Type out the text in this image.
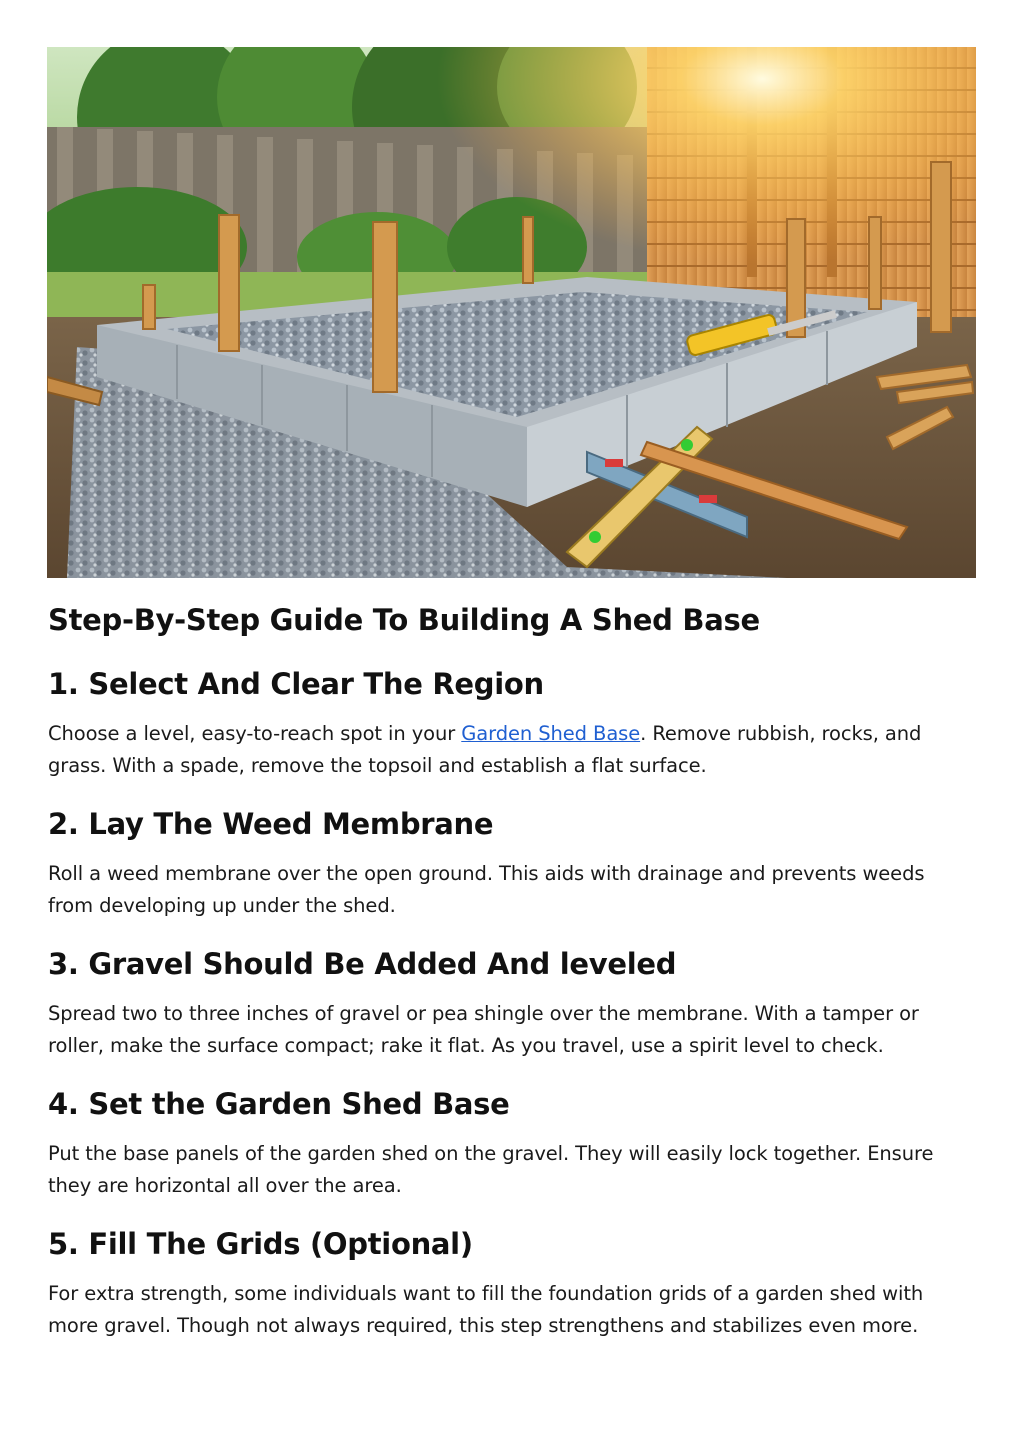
Step-By-Step Guide To Building A Shed Base
1. Select And Clear The Region

Choose a level, easy-to-reach spot in your Garden Shed Base. Remove rubbish, rocks, and grass. With a spade, remove the topsoil and establish a flat surface.

2. Lay The Weed Membrane

Roll a weed membrane over the open ground. This aids with drainage and prevents weeds from developing up under the shed.

3. Gravel Should Be Added And leveled

Spread two to three inches of gravel or pea shingle over the membrane. With a tamper or roller, make the surface compact; rake it flat. As you travel, use a spirit level to check.

4. Set the Garden Shed Base

Put the base panels of the garden shed on the gravel. They will easily lock together. Ensure they are horizontal all over the area.

5. Fill The Grids (Optional)

For extra strength, some individuals want to fill the foundation grids of a garden shed with more gravel. Though not always required, this step strengthens and stabilizes even more.
